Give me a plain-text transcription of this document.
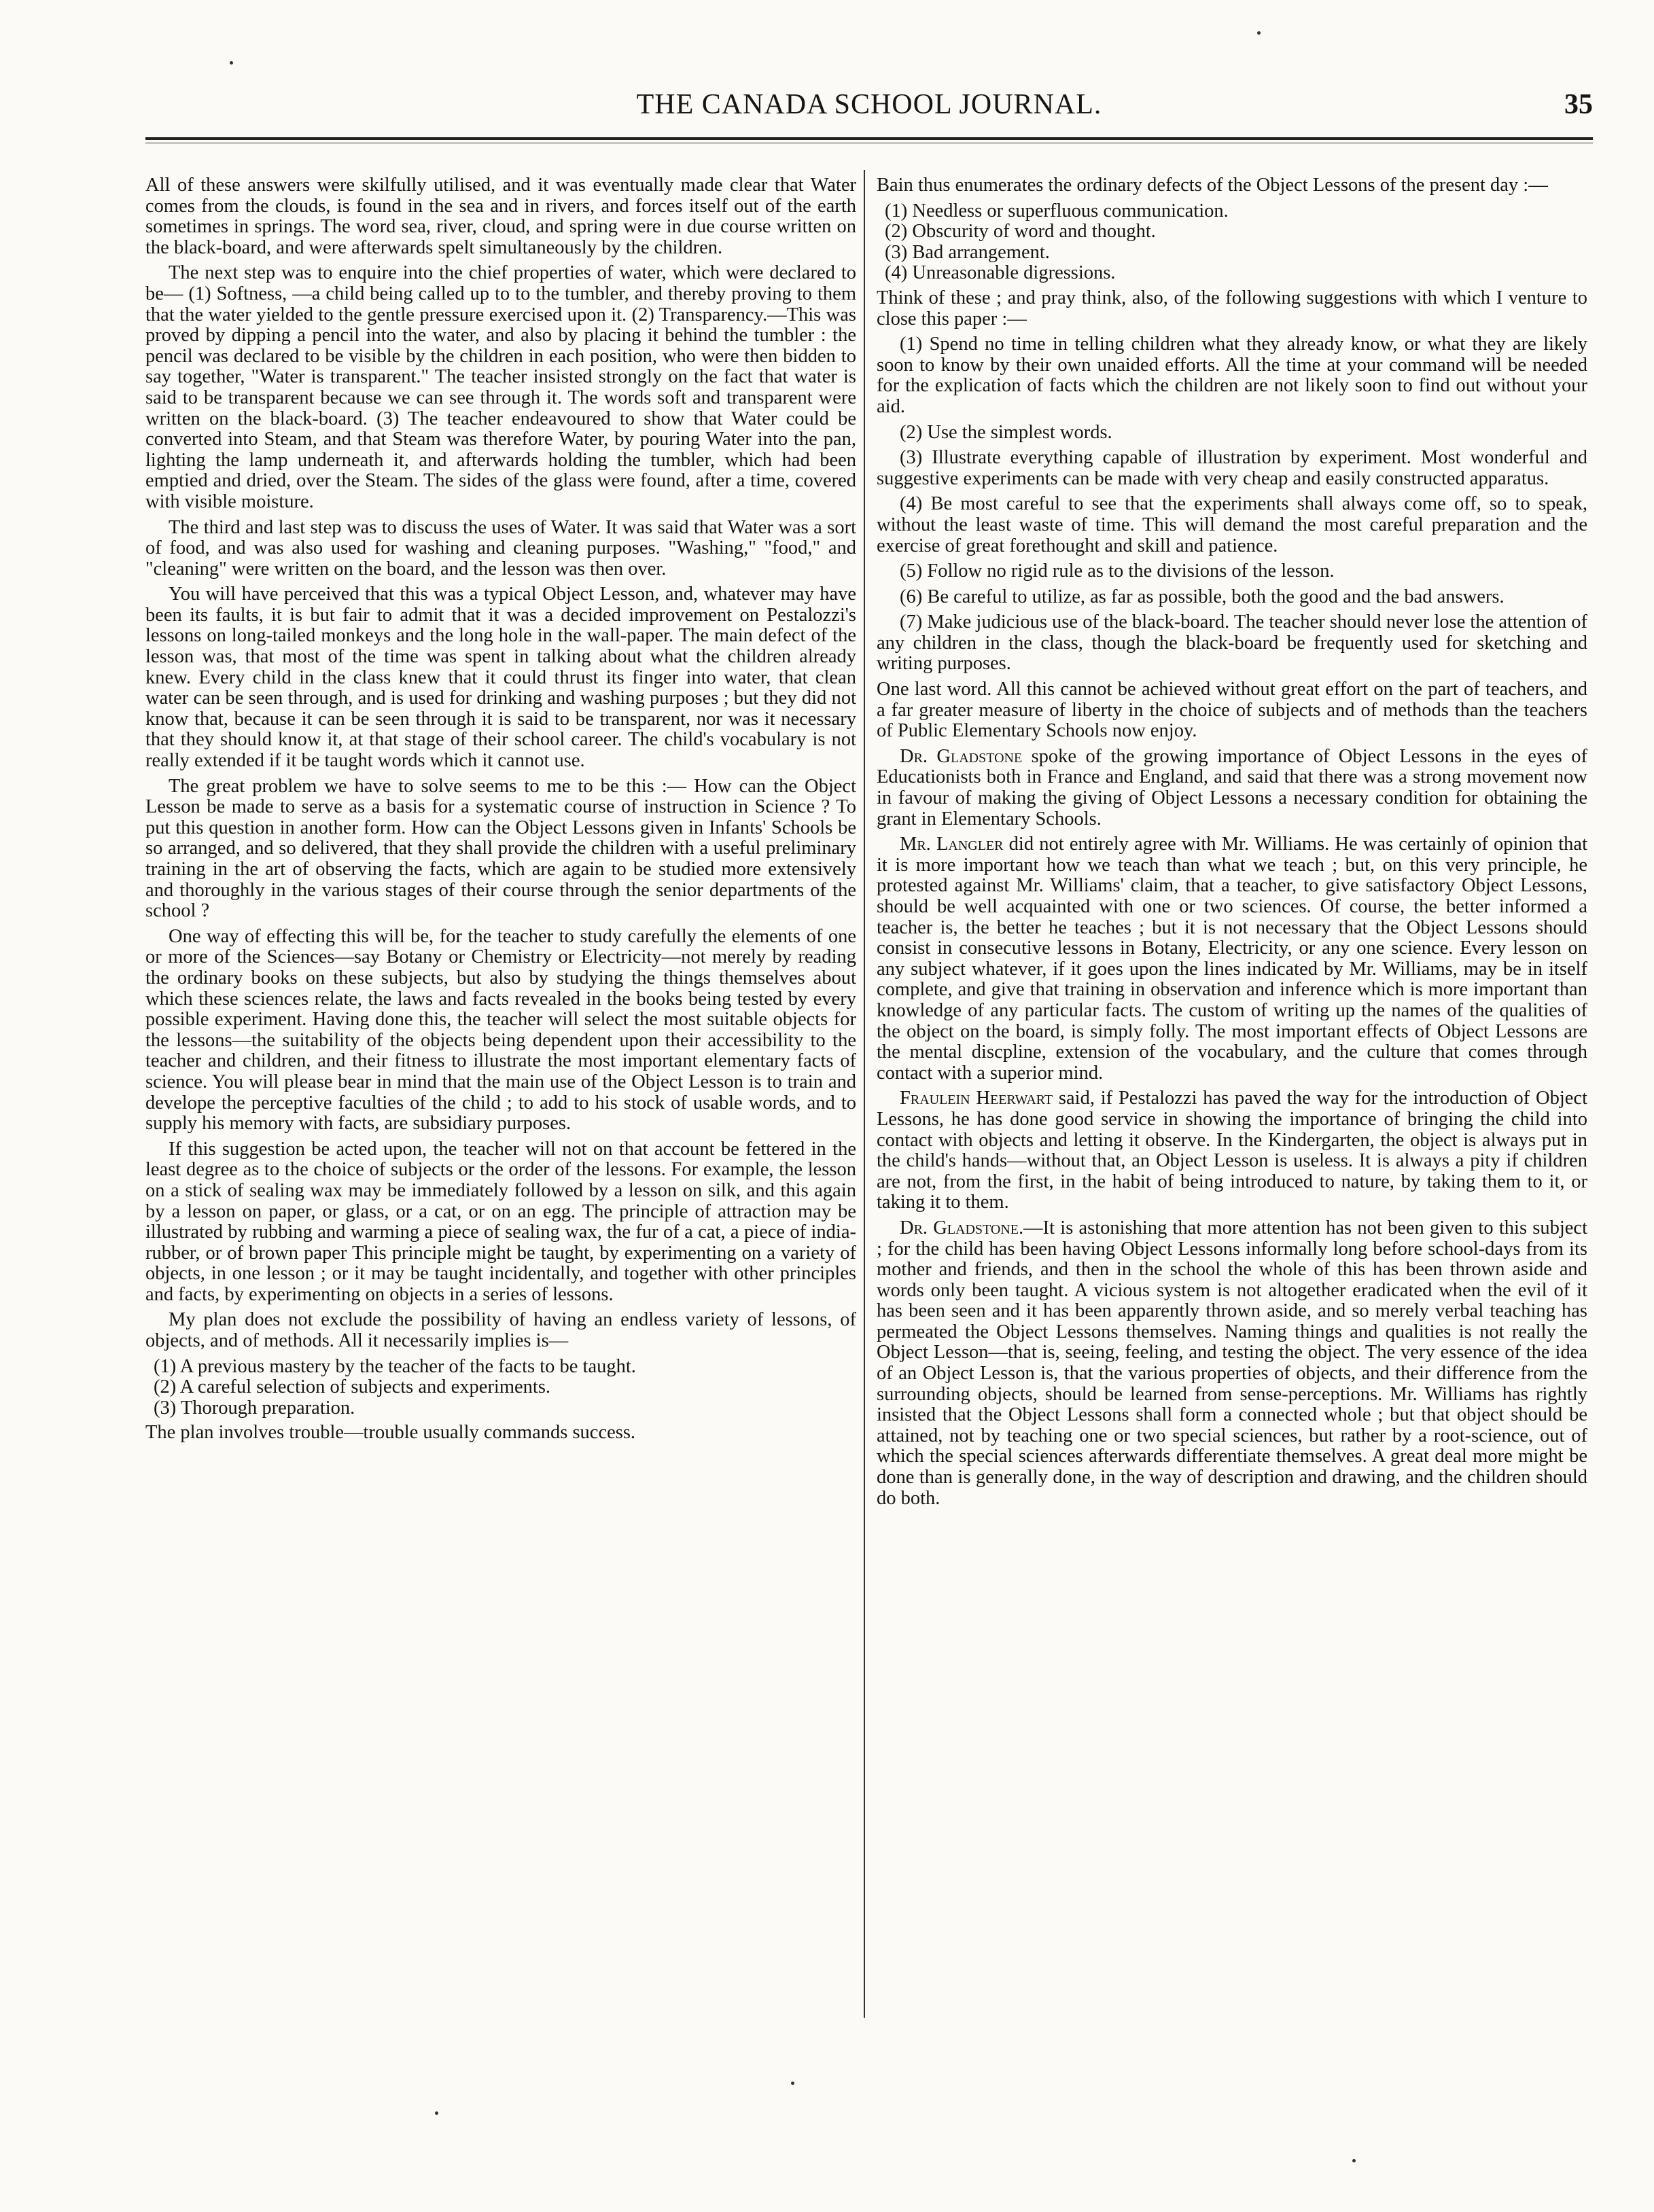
THE CANADA SCHOOL JOURNAL.	35

All of these answers were skilfully utilised, and it was eventually made clear that Water comes from the clouds, is found in the sea and in rivers, and forces itself out of the earth sometimes in springs. The word sea, river, cloud, and spring were in due course written on the black-board, and were afterwards spelt simultaneously by the children.

The next step was to enquire into the chief properties of water, which were declared to be— (1) Softness, —a child being called up to to the tumbler, and thereby proving to them that the water yielded to the gentle pressure exercised upon it. (2) Transparency.—This was proved by dipping a pencil into the water, and also by placing it behind the tumbler : the pencil was declared to be visible by the children in each position, who were then bidden to say together, "Water is transparent." The teacher insisted strongly on the fact that water is said to be transparent because we can see through it. The words soft and transparent were written on the black-board. (3) The teacher endeavoured to show that Water could be converted into Steam, and that Steam was therefore Water, by pouring Water into the pan, lighting the lamp underneath it, and afterwards holding the tumbler, which had been emptied and dried, over the Steam. The sides of the glass were found, after a time, covered with visible moisture.

The third and last step was to discuss the uses of Water. It was said that Water was a sort of food, and was also used for washing and cleaning purposes. "Washing," "food," and "cleaning" were written on the board, and the lesson was then over.

You will have perceived that this was a typical Object Lesson, and, whatever may have been its faults, it is but fair to admit that it was a decided improvement on Pestalozzi's lessons on long-tailed monkeys and the long hole in the wall-paper. The main defect of the lesson was, that most of the time was spent in talking about what the children already knew. Every child in the class knew that it could thrust its finger into water, that clean water can be seen through, and is used for drinking and washing purposes ; but they did not know that, because it can be seen through it is said to be transparent, nor was it necessary that they should know it, at that stage of their school career. The child's vocabulary is not really extended if it be taught words which it cannot use.

The great problem we have to solve seems to me to be this :— How can the Object Lesson be made to serve as a basis for a systematic course of instruction in Science ? To put this question in another form. How can the Object Lessons given in Infants' Schools be so arranged, and so delivered, that they shall provide the children with a useful preliminary training in the art of observing the facts, which are again to be studied more extensively and thoroughly in the various stages of their course through the senior departments of the school ?

One way of effecting this will be, for the teacher to study carefully the elements of one or more of the Sciences—say Botany or Chemistry or Electricity—not merely by reading the ordinary books on these subjects, but also by studying the things themselves about which these sciences relate, the laws and facts revealed in the books being tested by every possible experiment. Having done this, the teacher will select the most suitable objects for the lessons—the suitability of the objects being dependent upon their accessibility to the teacher and children, and their fitness to illustrate the most important elementary facts of science. You will please bear in mind that the main use of the Object Lesson is to train and develope the perceptive faculties of the child ; to add to his stock of usable words, and to supply his memory with facts, are subsidiary purposes.

If this suggestion be acted upon, the teacher will not on that account be fettered in the least degree as to the choice of subjects or the order of the lessons. For example, the lesson on a stick of sealing wax may be immediately followed by a lesson on silk, and this again by a lesson on paper, or glass, or a cat, or on an egg. The principle of attraction may be illustrated by rubbing and warming a piece of sealing wax, the fur of a cat, a piece of india-rubber, or of brown paper This principle might be taught, by experimenting on a variety of objects, in one lesson ; or it may be taught incidentally, and together with other principles and facts, by experimenting on objects in a series of lessons.

My plan does not exclude the possibility of having an endless variety of lessons, of objects, and of methods. All it necessarily implies is—

(1) A previous mastery by the teacher of the facts to be taught.
(2) A careful selection of subjects and experiments.
(3) Thorough preparation.

The plan involves trouble—trouble usually commands success.

Bain thus enumerates the ordinary defects of the Object Lessons of the present day :—

(1) Needless or superfluous communication.
(2) Obscurity of word and thought.
(3) Bad arrangement.
(4) Unreasonable digressions.

Think of these ; and pray think, also, of the following suggestions with which I venture to close this paper :—

(1) Spend no time in telling children what they already know, or what they are likely soon to know by their own unaided efforts. All the time at your command will be needed for the explication of facts which the children are not likely soon to find out without your aid.

(2) Use the simplest words.

(3) Illustrate everything capable of illustration by experiment. Most wonderful and suggestive experiments can be made with very cheap and easily constructed apparatus.

(4) Be most careful to see that the experiments shall always come off, so to speak, without the least waste of time. This will demand the most careful preparation and the exercise of great forethought and skill and patience.

(5) Follow no rigid rule as to the divisions of the lesson.

(6) Be careful to utilize, as far as possible, both the good and the bad answers.

(7) Make judicious use of the black-board. The teacher should never lose the attention of any children in the class, though the black-board be frequently used for sketching and writing purposes.

One last word. All this cannot be achieved without great effort on the part of teachers, and a far greater measure of liberty in the choice of subjects and of methods than the teachers of Public Elementary Schools now enjoy.

Dr. Gladstone spoke of the growing importance of Object Lessons in the eyes of Educationists both in France and England, and said that there was a strong movement now in favour of making the giving of Object Lessons a necessary condition for obtaining the grant in Elementary Schools.

Mr. Langler did not entirely agree with Mr. Williams. He was certainly of opinion that it is more important how we teach than what we teach ; but, on this very principle, he protested against Mr. Williams' claim, that a teacher, to give satisfactory Object Lessons, should be well acquainted with one or two sciences. Of course, the better informed a teacher is, the better he teaches ; but it is not necessary that the Object Lessons should consist in consecutive lessons in Botany, Electricity, or any one science. Every lesson on any subject whatever, if it goes upon the lines indicated by Mr. Williams, may be in itself complete, and give that training in observation and inference which is more important than knowledge of any particular facts. The custom of writing up the names of the qualities of the object on the board, is simply folly. The most important effects of Object Lessons are the mental discpline, extension of the vocabulary, and the culture that comes through contact with a superior mind.

Fraulein Heerwart said, if Pestalozzi has paved the way for the introduction of Object Lessons, he has done good service in showing the importance of bringing the child into contact with objects and letting it observe. In the Kindergarten, the object is always put in the child's hands—without that, an Object Lesson is useless. It is always a pity if children are not, from the first, in the habit of being introduced to nature, by taking them to it, or taking it to them.

Dr. Gladstone.—It is astonishing that more attention has not been given to this subject ; for the child has been having Object Lessons informally long before school-days from its mother and friends, and then in the school the whole of this has been thrown aside and words only been taught. A vicious system is not altogether eradicated when the evil of it has been seen and it has been apparently thrown aside, and so merely verbal teaching has permeated the Object Lessons themselves. Naming things and qualities is not really the Object Lesson—that is, seeing, feeling, and testing the object. The very essence of the idea of an Object Lesson is, that the various properties of objects, and their difference from the surrounding objects, should be learned from sense-perceptions. Mr. Williams has rightly insisted that the Object Lessons shall form a connected whole ; but that object should be attained, not by teaching one or two special sciences, but rather by a root-science, out of which the special sciences afterwards differentiate themselves. A great deal more might be done than is generally done, in the way of description and drawing, and the children should do both.
